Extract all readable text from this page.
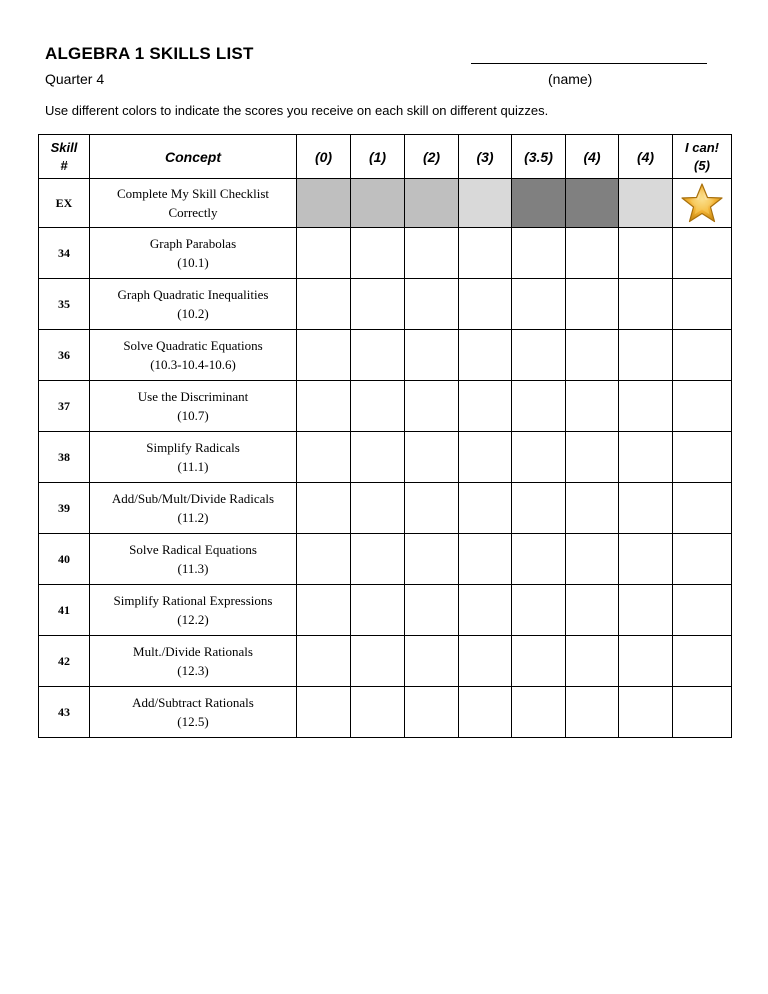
ALGEBRA 1 SKILLS LIST
Quarter 4	(name)
Use different colors to indicate the scores you receive on each skill on different quizzes.
Skill
#	Concept	(0)	(1)	(2)	(3)	(3.5)	(4)	(4)	I can!
(5)
EX	Complete My Skill Checklist
Correctly								

34	Graph Parabolas
(10.1)								
35	Graph Quadratic Inequalities
(10.2)								
36	Solve Quadratic Equations
(10.3-10.4-10.6)								
37	Use the Discriminant
(10.7)								
38	Simplify Radicals
(11.1)								
39	Add/Sub/Mult/Divide Radicals
(11.2)								
40	Solve Radical Equations
(11.3)								
41	Simplify Rational Expressions
(12.2)								
42	Mult./Divide Rationals
(12.3)								
43	Add/Subtract Rationals
(12.5)								
